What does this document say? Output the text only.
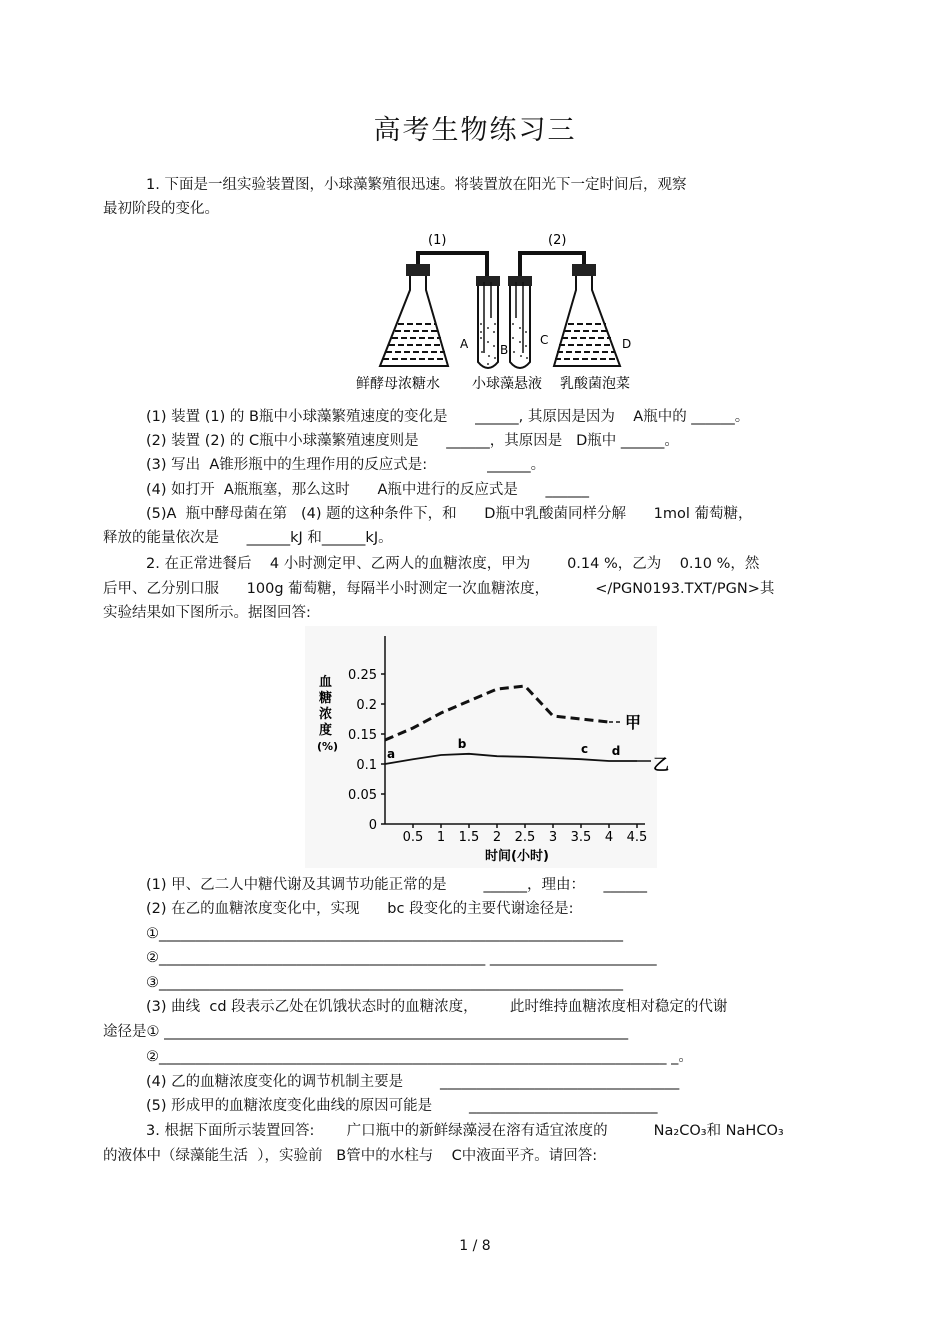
高考生物练习三
1. 下面是一组实验装置图，小球藻繁殖很迅速。将装置放在阳光下一定时间后，观察
最初阶段的变化。
(1)	(2)
A	B
C	D
鲜酵母浓糖水 小球藻悬液 乳酸菌泡菜
(1) 装置 (1) 的 B瓶中小球藻繁殖速度的变化是      ______, 其原因是因为    A瓶中的 ______。
(2) 装置 (2) 的 C瓶中小球藻繁殖速度则是      ______，其原因是   D瓶中 ______。
(3) 写出  A锥形瓶中的生理作用的反应式是:             ______。
(4) 如打开  A瓶瓶塞，那么这时      A瓶中进行的反应式是      ______
(5)A  瓶中酵母菌在第   (4) 题的这种条件下，和      D瓶中乳酸菌同样分解      1mol 葡萄糖，
释放的能量依次是      ______kJ 和______kJ。
2. 在正常进餐后    4 小时测定甲、乙两人的血糖浓度，甲为        0.14 %，乙为    0.10 %，然
后甲、乙分别口服      100g 葡萄糖，每隔半小时测定一次血糖浓度，          </PGN0193.TXT/PGN>其
实验结果如下图所示。据图回答:
血糖浓度(%)
时间(小时)
0
0.05
0.1
0.15
0.2
0.25
0.5 1 1.5 2 2.5 3 3.5 4 4.5
甲
乙
a
b	c d
(1) 甲、乙二人中糖代谢及其调节功能正常的是        ______，理由：    ______
(2) 在乙的血糖浓度变化中，实现      bc 段变化的主要代谢途径是:
①________________________________________________________________
②_____________________________________________ _______________________
③________________________________________________________________
(3) 曲线  cd 段表示乙处在饥饿状态时的血糖浓度，       此时维持血糖浓度相对稳定的代谢
途径是① ________________________________________________________________
②______________________________________________________________________ _。
(4) 乙的血糖浓度变化的调节机制主要是        _________________________________
(5) 形成甲的血糖浓度变化曲线的原因可能是        __________________________
3. 根据下面所示装置回答:       广口瓶中的新鲜绿藻浸在溶有适宜浓度的          Na₂CO₃和 NaHCO₃
的液体中（绿藻能生活  ），实验前   B管中的水柱与    C中液面平齐。请回答:
1 / 8
